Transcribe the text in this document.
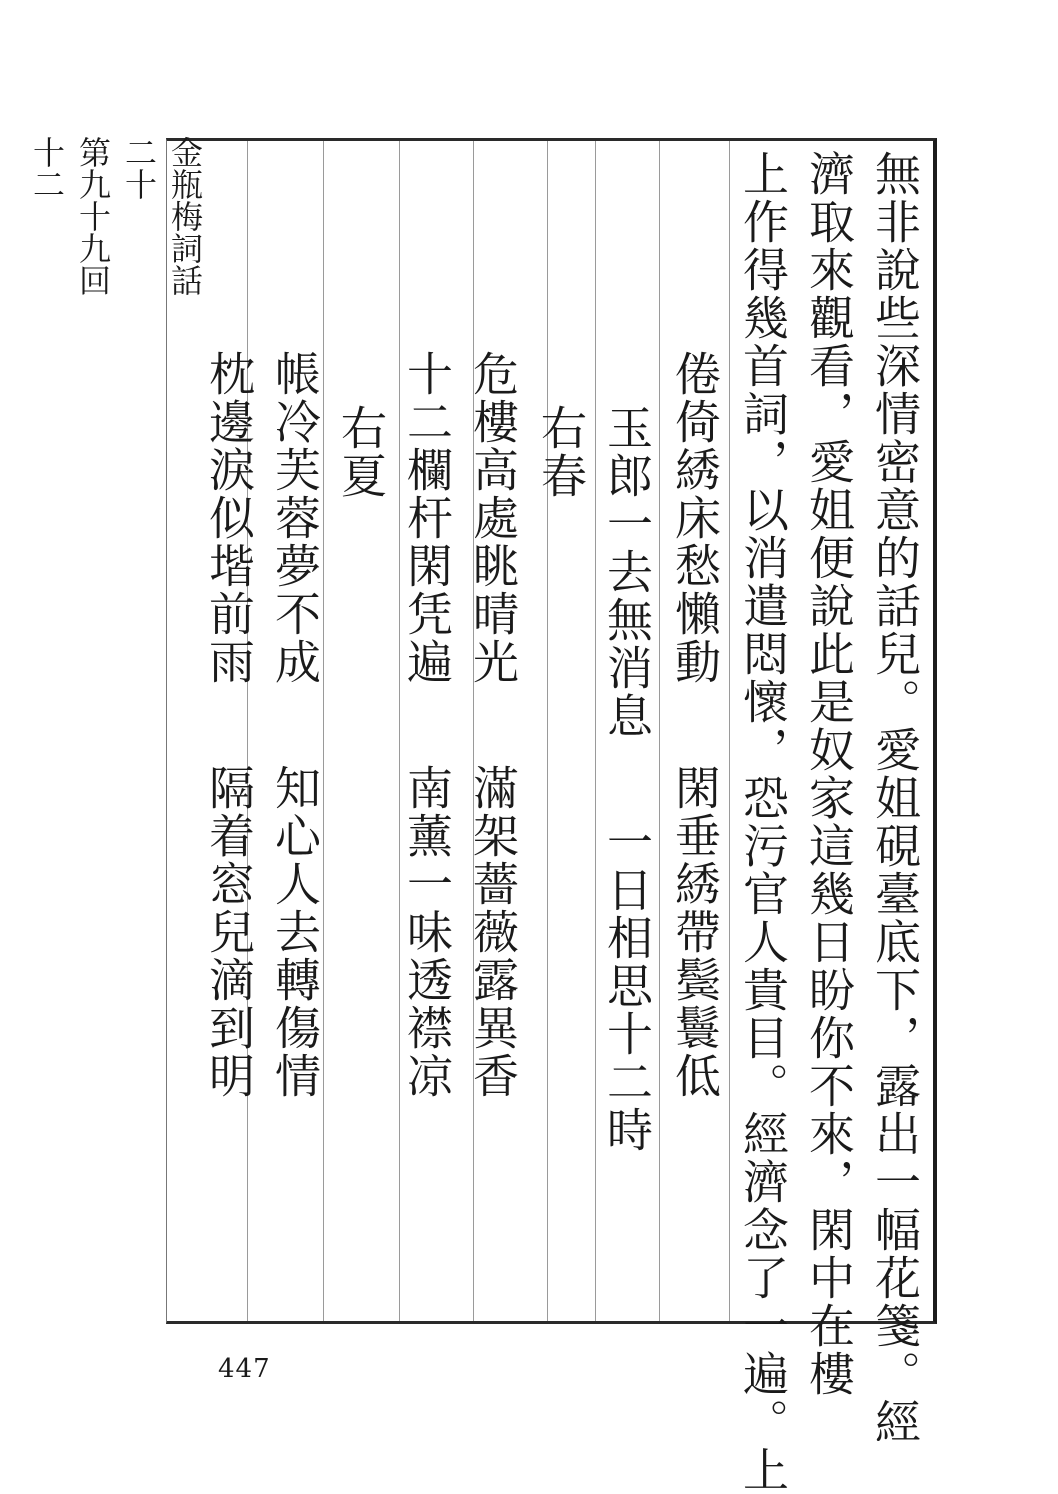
金瓶梅詞話
二十
第九十九回
十二	無非說些深情密意的話兒。愛姐硯臺底下，露出一幅花箋。經
濟取來觀看，愛姐便說此是奴家這幾日盼你不來，閑中在樓
上作得幾首詞，以消遣悶懷，恐污官人貴目。經濟念了一遍。上
倦倚綉床愁懶動閑垂綉帶鬓鬟低
玉郎一去無消息一日相思十二時
右春
危樓高處眺晴光滿架薔薇露異香
十二欄杆閑凭遍南薰一味透襟凉
右夏
帳冷芙蓉夢不成知心人去轉傷情
枕邊淚似堦前雨隔着窓兒滴到明
447
